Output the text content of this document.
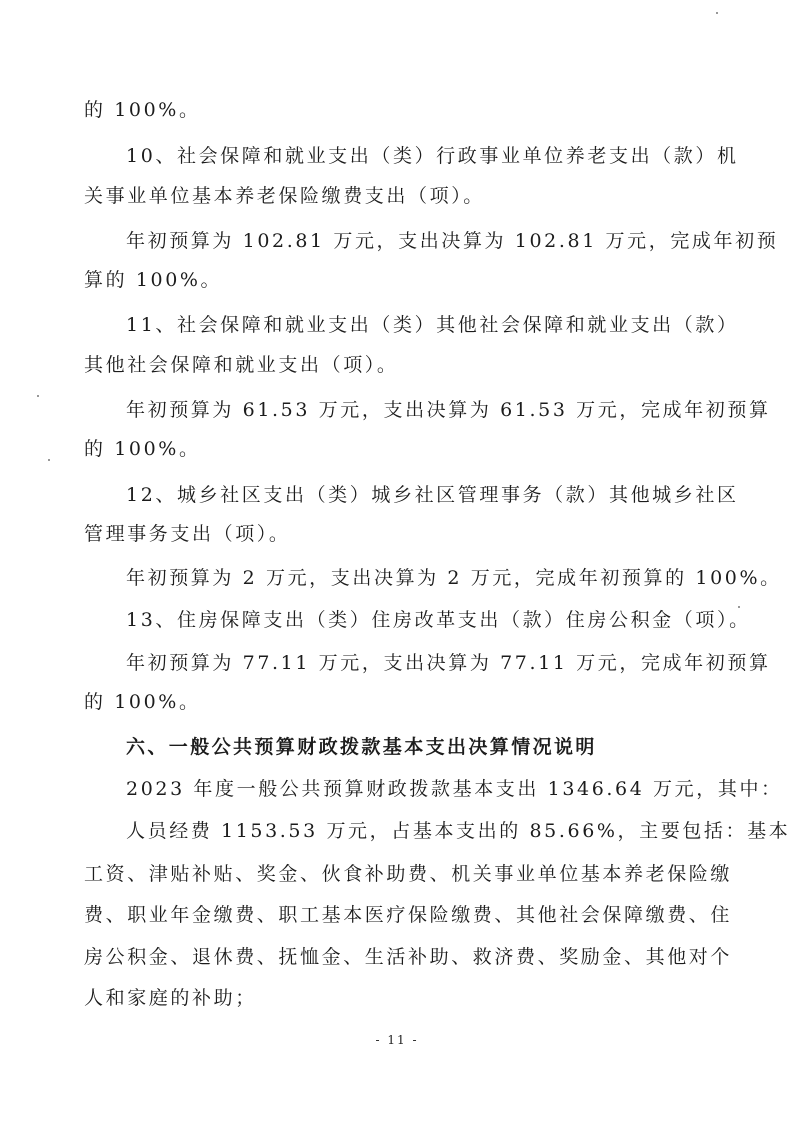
的 100%。
10、社会保障和就业支出（类）行政事业单位养老支出（款）机
关事业单位基本养老保险缴费支出（项）。
年初预算为 102.81 万元，支出决算为 102.81 万元，完成年初预
算的 100%。
11、社会保障和就业支出（类）其他社会保障和就业支出（款）
其他社会保障和就业支出（项）。
年初预算为 61.53 万元，支出决算为 61.53 万元，完成年初预算
的 100%。
12、城乡社区支出（类）城乡社区管理事务（款）其他城乡社区
管理事务支出（项）。
年初预算为 2 万元，支出决算为 2 万元，完成年初预算的 100%。
13、住房保障支出（类）住房改革支出（款）住房公积金（项）。
年初预算为 77.11 万元，支出决算为 77.11 万元，完成年初预算
的 100%。
六、一般公共预算财政拨款基本支出决算情况说明
2023 年度一般公共预算财政拨款基本支出 1346.64 万元，其中：
人员经费 1153.53 万元，占基本支出的 85.66%，主要包括：基本
工资、津贴补贴、奖金、伙食补助费、机关事业单位基本养老保险缴
费、职业年金缴费、职工基本医疗保险缴费、其他社会保障缴费、住
房公积金、退休费、抚恤金、生活补助、救济费、奖励金、其他对个
人和家庭的补助；
- 11 -
